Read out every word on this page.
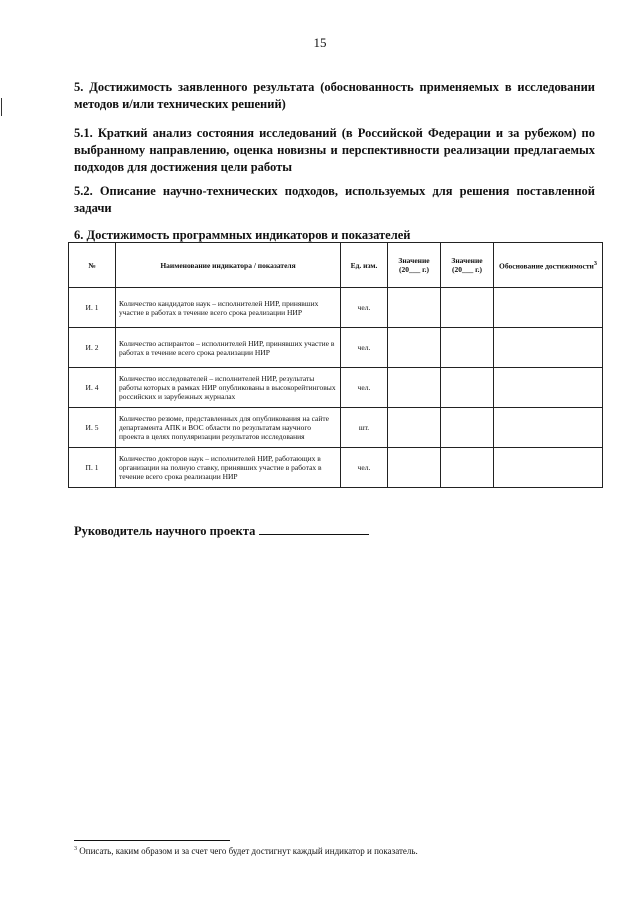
15

5. Достижимость заявленного результата (обоснованность применяемых в исследовании методов и/или технических решений)

5.1. Краткий анализ состояния исследований (в Российской Федерации и за рубежом) по выбранному направлению, оценка новизны и перспективности реализации предлагаемых подходов для достижения цели работы

5.2. Описание научно-технических подходов, используемых для решения поставленной задачи

6. Достижимость программных индикаторов и показателей

№	Наименование индикатора / показателя	Ед. изм.	Значение (20___ г.)	Значение (20___ г.)	Обоснование достижимости$^3$
И. 1	Количество кандидатов наук – исполнителей НИР, принявших участие в работах в течение всего срока реализации НИР	чел.			
И. 2	Количество аспирантов – исполнителей НИР, принявших участие в работах в течение всего срока реализации НИР	чел.			
И. 4	Количество исследователей – исполнителей НИР, результаты работы которых в рамках НИР опубликованы в высокорейтинговых российских и зарубежных журналах	чел.			
И. 5	Количество резюме, представленных для опубликования на сайте департамента АПК и ВОС области по результатам научного проекта в целях популяризации результатов исследования	шт.			
П. 1	Количество докторов наук – исполнителей НИР, работающих в организации на полную ставку, принявших участие в работах в течение всего срока реализации НИР	чел.			
Руководитель научного проекта
$^3$ Описать, каким образом и за счет чего будет достигнут каждый индикатор и показатель.
